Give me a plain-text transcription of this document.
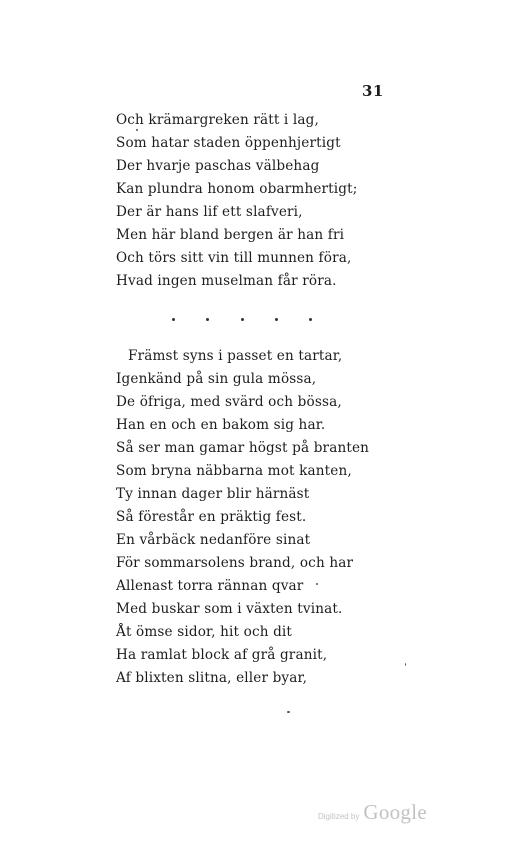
31
Och krämargreken rätt i lag,
Som hatar staden öppenhjertigt
Der hvarje paschas välbehag
Kan plundra honom obarmhertigt;
Der är hans lif ett slafveri,
Men här bland bergen är han fri
Och törs sitt vin till munnen föra,
Hvad ingen muselman får röra.
Främst syns i passet en tartar,
Igenkänd på sin gula mössa,
De öfriga, med svärd och bössa,
Han en och en bakom sig har.
Så ser man gamar högst på branten
Som bryna näbbarna mot kanten,
Ty innan dager blir härnäst
Så förestår en präktig fest.
En vårbäck nedanföre sinat
För sommarsolens brand, och har
Allenast torra rännan qvar
Med buskar som i växten tvinat.
Åt ömse sidor, hit och dit
Ha ramlat block af grå granit,
Af blixten slitna, eller byar,
Digitized by Google
